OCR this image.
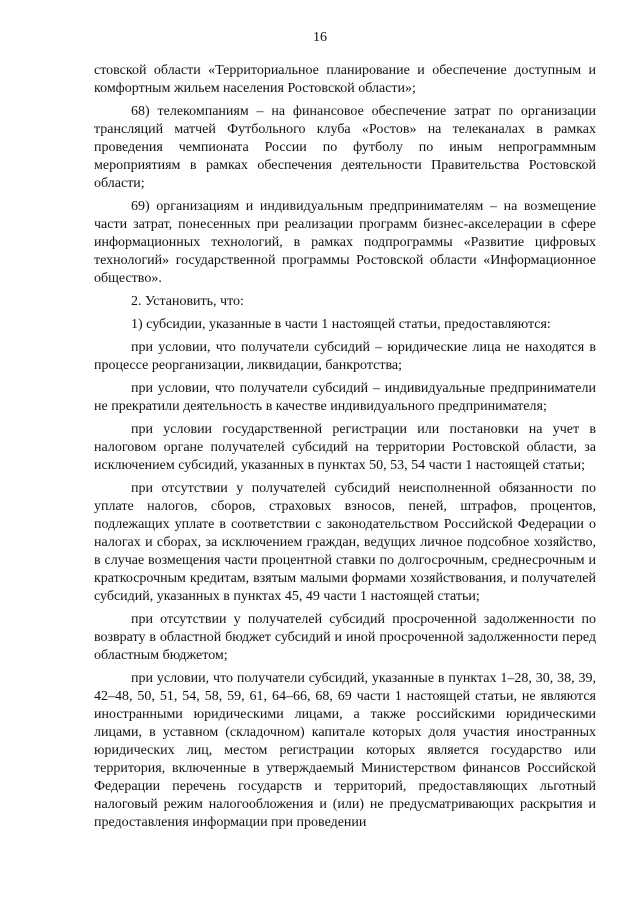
16

стовской области «Территориальное планирование и обеспечение доступным и комфортным жильем населения Ростовской области»;

68) телекомпаниям – на финансовое обеспечение затрат по организации трансляций матчей Футбольного клуба «Ростов» на телеканалах в рамках проведения чемпионата России по футболу по иным непрограммным мероприятиям в рамках обеспечения деятельности Правительства Ростовской области;

69) организациям и индивидуальным предпринимателям – на возмещение части затрат, понесенных при реализации программ бизнес-акселерации в сфере информационных технологий, в рамках подпрограммы «Развитие цифровых технологий» государственной программы Ростовской области «Информационное общество».

2. Установить, что:

1) субсидии, указанные в части 1 настоящей статьи, предоставляются:

при условии, что получатели субсидий – юридические лица не находятся в процессе реорганизации, ликвидации, банкротства;

при условии, что получатели субсидий – индивидуальные предприниматели не прекратили деятельность в качестве индивидуального предпринимателя;

при условии государственной регистрации или постановки на учет в налоговом органе получателей субсидий на территории Ростовской области, за исключением субсидий, указанных в пунктах 50, 53, 54 части 1 настоящей статьи;

при отсутствии у получателей субсидий неисполненной обязанности по уплате налогов, сборов, страховых взносов, пеней, штрафов, процентов, подлежащих уплате в соответствии с законодательством Российской Федерации о налогах и сборах, за исключением граждан, ведущих личное подсобное хозяйство, в случае возмещения части процентной ставки по долгосрочным, среднесрочным и краткосрочным кредитам, взятым малыми формами хозяйствования, и получателей субсидий, указанных в пунктах 45, 49 части 1 настоящей статьи;

при отсутствии у получателей субсидий просроченной задолженности по возврату в областной бюджет субсидий и иной просроченной задолженности перед областным бюджетом;

при условии, что получатели субсидий, указанные в пунктах 1–28, 30, 38, 39, 42–48, 50, 51, 54, 58, 59, 61, 64–66, 68, 69 части 1 настоящей статьи, не являются иностранными юридическими лицами, а также российскими юридическими лицами, в уставном (складочном) капитале которых доля участия иностранных юридических лиц, местом регистрации которых является государство или территория, включенные в утверждаемый Министерством финансов Российской Федерации перечень государств и территорий, предоставляющих льготный налоговый режим налогообложения и (или) не предусматривающих раскрытия и предоставления информации при проведении
